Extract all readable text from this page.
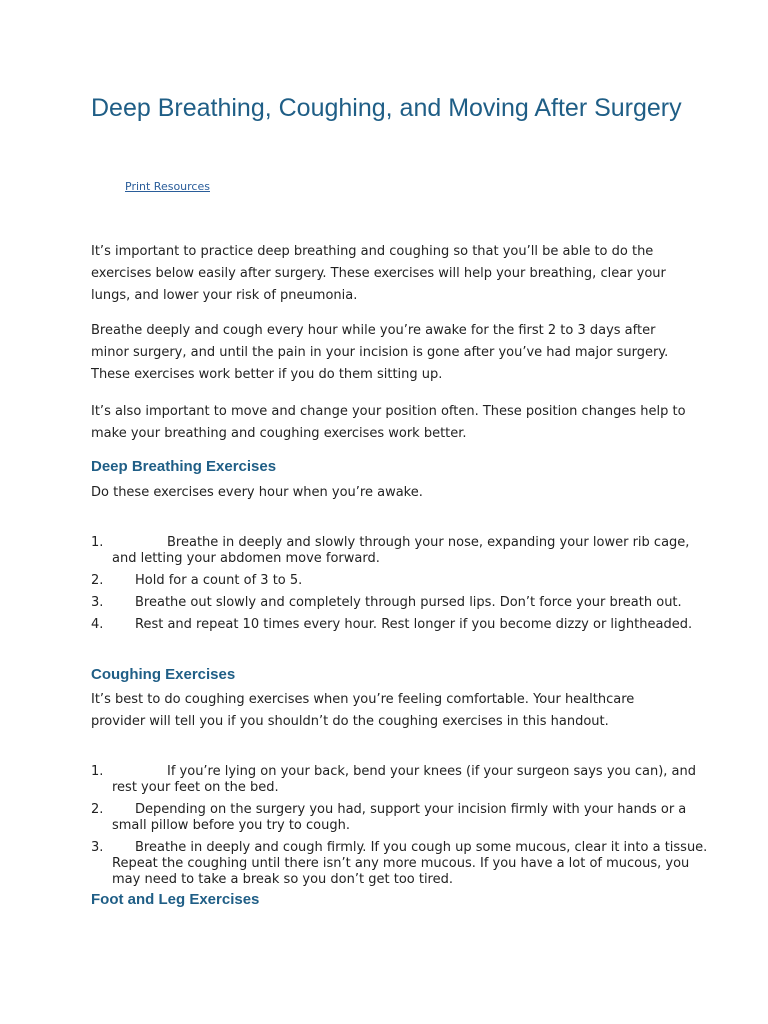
Deep Breathing, Coughing, and Moving After Surgery
Print Resources

It’s important to practice deep breathing and coughing so that you’ll be able to do the exercises below easily after surgery. These exercises will help your breathing, clear your lungs, and lower your risk of pneumonia.

Breathe deeply and cough every hour while you’re awake for the first 2 to 3 days after minor surgery, and until the pain in your incision is gone after you’ve had major surgery. These exercises work better if you do them sitting up.

It’s also important to move and change your position often. These position changes help to make your breathing and coughing exercises work better.

Deep Breathing Exercises

Do these exercises every hour when you’re awake.

1.	Breathe in deeply and slowly through your nose, expanding your lower rib cage, and letting your abdomen move forward.
2. Hold for a count of 3 to 5.
3. Breathe out slowly and completely through pursed lips. Don’t force your breath out.
4. Rest and repeat 10 times every hour. Rest longer if you become dizzy or lightheaded.
Coughing Exercises

It’s best to do coughing exercises when you’re feeling comfortable. Your healthcare provider will tell you if you shouldn’t do the coughing exercises in this handout.

1.	If you’re lying on your back, bend your knees (if your surgeon says you can), and rest your feet on the bed.
2. Depending on the surgery you had, support your incision firmly with your hands or a small pillow before you try to cough.
3. Breathe in deeply and cough firmly. If you cough up some mucous, clear it into a tissue. Repeat the coughing until there isn’t any more mucous. If you have a lot of mucous, you may need to take a break so you don’t get too tired.
Foot and Leg Exercises
